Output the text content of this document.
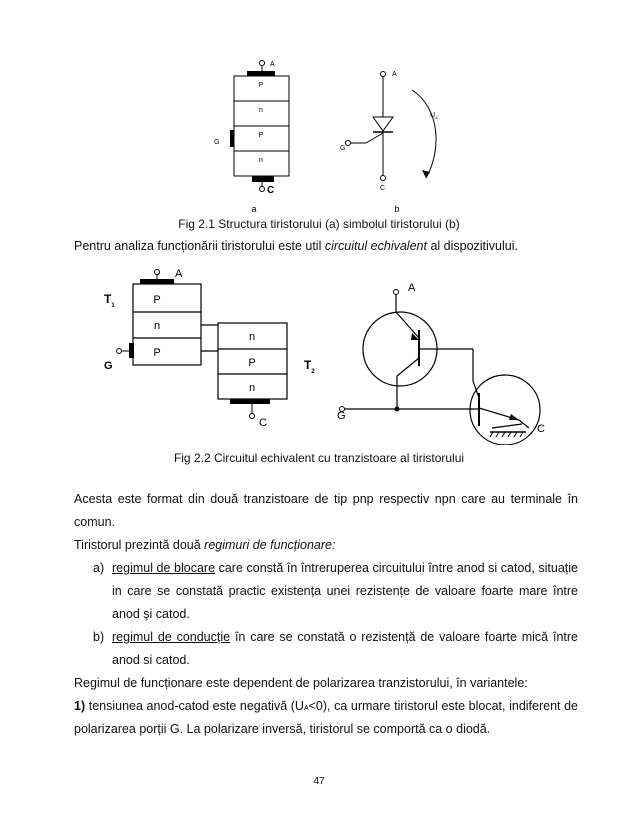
A
P
n
P
n
G
C
a
A
G
C
$U_A$
b
Fig 2.1 Structura tiristorului (a) simbolul tiristorului (b)
Pentru analiza funcționării tiristorului este util circuitul echivalent al dispozitivului.
$T_1$
A
P
n
P
G
n
P
n
$T_2$
C
A
G
C
Fig 2.2 Circuitul echivalent cu tranzistoare al tiristorului
Acesta este format din două tranzistoare de tip pnp respectiv npn care au terminale în
comun.
Tiristorul prezintă două regimuri de funcționare:
a) regimul de blocare care constă în întreruperea circuitului între anod si catod, situație
in care se constată practic existența unei rezistențe de valoare foarte mare între
anod şi catod.
b) regimul de conducție în care se constată o rezistență de valoare foarte mică între
anod si catod.
Regimul de funcționare este dependent de polarizarea tranzistorului, în variantele:
1) tensiunea anod-catod este negativă (UA<0), ca urmare tiristorul este blocat, indiferent de
polarizarea porții G. La polarizare inversă, tiristorul se comportă ca o diodă.
47
